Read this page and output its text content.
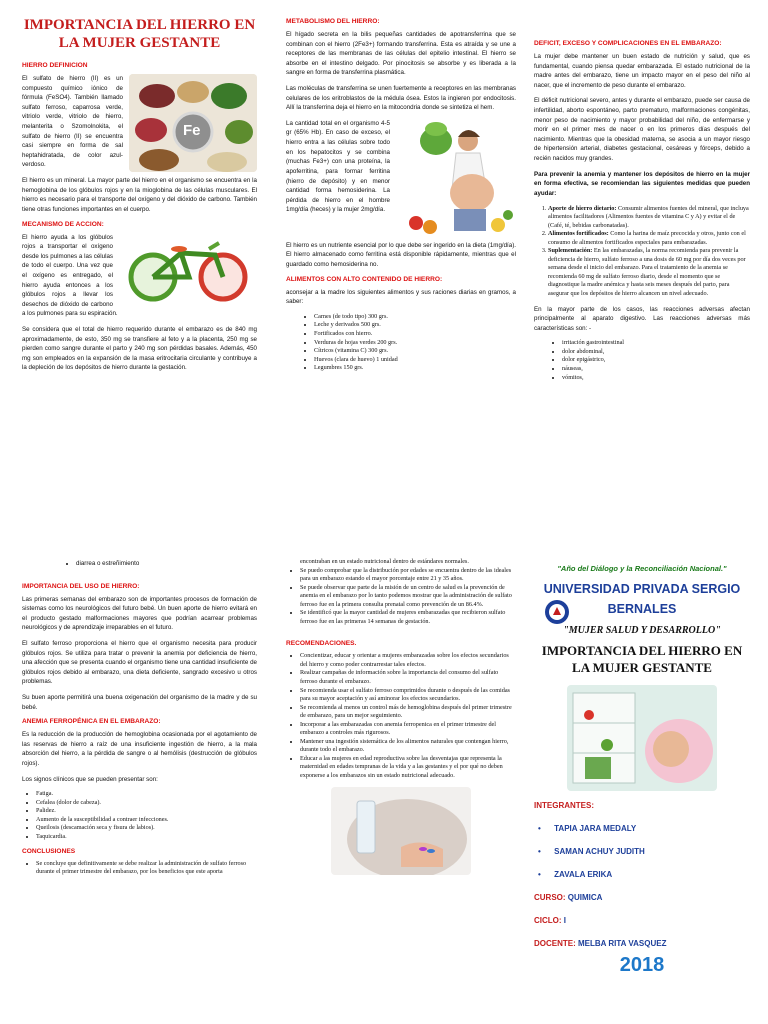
IMPORTANCIA DEL HIERRO EN LA MUJER GESTANTE
HIERRO DEFINICION
Fe

El sulfato de hierro (II) es un compuesto químico iónico de fórmula (FeSO4). También llamado sulfato ferroso, caparrosa verde, vitriolo verde, vitriolo de hierro, melanterita o Szomolnokita, el sulfato de hierro (II) se encuentra casi siempre en forma de sal heptahidratada, de color azul-verdoso.

El hierro es un mineral. La mayor parte del hierro en el organismo se encuentra en la hemoglobina de los glóbulos rojos y en la mioglobina de las células musculares. El hierro es necesario para el transporte del oxígeno y del dióxido de carbono. También tiene otras funciones importantes en el cuerpo.

MECANISMO DE ACCION:

El hierro ayuda a los glóbulos rojos a transportar el oxígeno desde los pulmones a las células de todo el cuerpo. Una vez que el oxígeno es entregado, el hierro ayuda entonces a los glóbulos rojos a llevar los desechos de dióxido de carbono a los pulmones para su espiración.

Se considera que el total de hierro requerido durante el embarazo es de 840 mg aproximadamente, de esto, 350 mg se transfiere al feto y a la placenta, 250 mg se pierden como sangre durante el parto y 240 mg son pérdidas basales. Además, 450 mg son empleados en la expansión de la masa eritrocitaria circulante y contribuye a la depleción de los depósitos de hierro durante la gestación.

METABOLISMO DEL HIERRO:

El hígado secreta en la bilis pequeñas cantidades de apotransferrina que se combinan con el hierro (2Fe3+) formando transferrina. Esta es atraída y se une a receptores de las membranas de las células del epitelio intestinal. El hierro se absorbe en el intestino delgado. Por pinocitosis se absorbe y es liberada a la sangre en forma de transferrina plasmática.

Las moléculas de transferrina se unen fuertemente a receptores en las membranas celulares de los eritroblastos de la médula ósea. Estos la ingieren por endocitosis. Allí la transferrina deja el hierro en la mitocondria donde se sintetiza el hem.

La cantidad total en el organismo 4-5 gr (65% Hb). En caso de exceso, el hierro entra a las células sobre todo en los hepatocitos y se combina (muchas Fe3+) con una proteína, la apoferritina, para formar ferritina (hierro de depósito) y en menor cantidad forma hemosiderina. La pérdida de hierro en el hombre 1mg/día (heces) y la mujer 2mg/día.

El hierro es un nutriente esencial por lo que debe ser ingerido en la dieta (1mg/día). El hierro almacenado como ferritina está disponible rápidamente, mientras que el guardado como hemosiderina no.

ALIMENTOS CON ALTO CONTENIDO DE HIERRO:

aconsejar a la madre los siguientes alimentos y sus raciones diarias en gramos, a saber:

• Carnes (de todo tipo) 300 grs.
• Leche y derivados 500 grs.
• Fortificados con hierro.
• Verduras de hojas verdes 200 grs.
• Cítricos (vitamina C) 300 grs.
• Huevos (clara de huevo) 1 unidad
• Legumbres 150 grs.
DEFICIT, EXCESO Y COMPLICACIONES EN EL EMBARAZO:

La mujer debe mantener un buen estado de nutrición y salud, que es fundamental, cuando piensa quedar embarazada. El estado nutricional de la madre antes del embarazo, tiene un impacto mayor en el peso del niño al nacer, que el incremento de peso durante el embarazo.

El déficit nutricional severo, antes y durante el embarazo, puede ser causa de infertilidad, aborto espontáneo, parto prematuro, malformaciones congénitas, menor peso de nacimiento y mayor probabilidad del niño, de enfermarse y morir en el primer mes de nacer o en los primeros días después del nacimiento. Mientras que la obesidad materna, se asocia a un mayor riesgo de hipertensión arterial, diabetes gestacional, cesáreas y fórceps, debido a recién nacidos muy grandes.

Para prevenir la anemia y mantener los depósitos de hierro en la mujer en forma efectiva, se recomiendan las siguientes medidas que pueden ayudar:

1. Aporte de hierro dietario: Consumir alimentos fuentes del mineral, que incluya alimentos facilitadores (Alimentos fuentes de vitamina C y A) y evitar el de (Café, té, bebidas carbonatadas).
2. Alimentos fortificados: Como la harina de maíz precocida y otros, junto con el consumo de alimentos fortificados especiales para embarazadas.
3. Suplementación: En las embarazadas, la norma recomienda para prevenir la deficiencia de hierro, sulfato ferroso a una dosis de 60 mg por día dos veces por semana desde el inicio del embarazo. Para el tratamiento de la anemia se recomienda 60 mg de sulfato ferroso diario, desde el momento que se diagnostique la madre anémica y hasta seis meses después del parto, para asegurar que los depósitos de hierro alcancen un nivel adecuado.

En la mayor parte de los casos, las reacciones adversas afectan principalmente al aparato digestivo. Las reacciones adversas más características son: -

• irritación gastrointestinal
• dolor abdominal,
• dolor epigástrico,
• náuseas,
• vómitos,
• diarrea o estreñimiento
IMPORTANCIA DEL USO DE HIERRO:

Las primeras semanas del embarazo son de importantes procesos de formación de sistemas como los neurológicos del futuro bebé. Un buen aporte de hierro evitará en el producto gestado malformaciones mayores que podrían acarrear problemas neurológicos y de aprendizaje irreparables en el futuro.

El sulfato ferroso proporciona el hierro que el organismo necesita para producir glóbulos rojos. Se utiliza para tratar o prevenir la anemia por deficiencia de hierro, una afección que se presenta cuando el organismo tiene una cantidad insuficiente de glóbulos rojos debido al embarazo, una dieta deficiente, sangrado excesivo u otros problemas.

Su buen aporte permitirá una buena oxigenación del organismo de la madre y de su bebé.

ANEMIA FERROPÉNICA EN EL EMBARAZO:

Es la reducción de la producción de hemoglobina ocasionada por el agotamiento de las reservas de hierro a raíz de una insuficiente ingestión de hierro, a la mala absorción del hierro, a la pérdida de sangre o al hemólisis (destrucción de glóbulos rojos).

Los signos clínicos que se pueden presentar son:

• Fatiga.
• Cefalea (dolor de cabeza).
• Palidez.
• Aumento de la susceptibilidad a contraer infecciones.
• Queilosis (descamación seca y fisura de labios).
• Taquicardia.
CONCLUSIONES
• Se concluye que definitivamente se debe realizar la administración de sulfato ferroso durante el primer trimestre del embarazo, por los beneficios que este aporta
encontraban en un estado nutricional dentro de estándares normales.
• Se puedo comprobar que la distribución por edades se encuentra dentro de las ideales para un embarazo estando el mayor porcentaje entre 21 y 35 años.
• Se puede observar que parte de la misión de un centro de salud es la prevención de anemia en el embarazo por lo tanto podemos mostrar que la administración de sulfato ferroso fue en la primera consulta prenatal como prevención de un 86.4%.
• Se identificó que la mayor cantidad de mujeres embarazadas que recibieron sulfato ferroso fue en las primeras 14 semanas de gestación.
RECOMENDACIONES.
• Concientizar, educar y orientar a mujeres embarazadas sobre los efectos secundarios del hierro y como poder contrarrestar tales efectos.
• Realizar campañas de información sobre la importancia del consumo del sulfato ferroso durante el embarazo.
• Se recomienda usar el sulfato ferroso comprimidos durante o después de las comidas para su mayor aceptación y así aminorar los efectos secundarios.
• Se recomienda al menos un control más de hemoglobina después del primer trimestre de embarazo, para un mejor seguimiento.
• Incorporar a las embarazadas con anemia ferropenica en el primer trimestre del embarazo a controles más rigurosos.
• Mantener una ingestión sistemática de los alimentos naturales que contengan hierro, durante todo el embarazo.
• Educar a las mujeres en edad reproductiva sobre las desventajas que representa la maternidad en edades tempranas de la vida y a las gestantes y el por qué no deben exponerse a los embarazos sin un estado nutricional adecuado.
"Año del Diálogo y la Reconciliación Nacional."
UNIVERSIDAD PRIVADA SERGIO BERNALES
"MUJER SALUD Y DESARROLLO"
IMPORTANCIA DEL HIERRO EN LA MUJER GESTANTE
INTEGRANTES:
•      TAPIA JARA MEDALY
•      SAMAN ACHUY JUDITH
•      ZAVALA ERIKA
CURSO: QUIMICA
CICLO: I
DOCENTE: MELBA RITA VASQUEZ
2018
